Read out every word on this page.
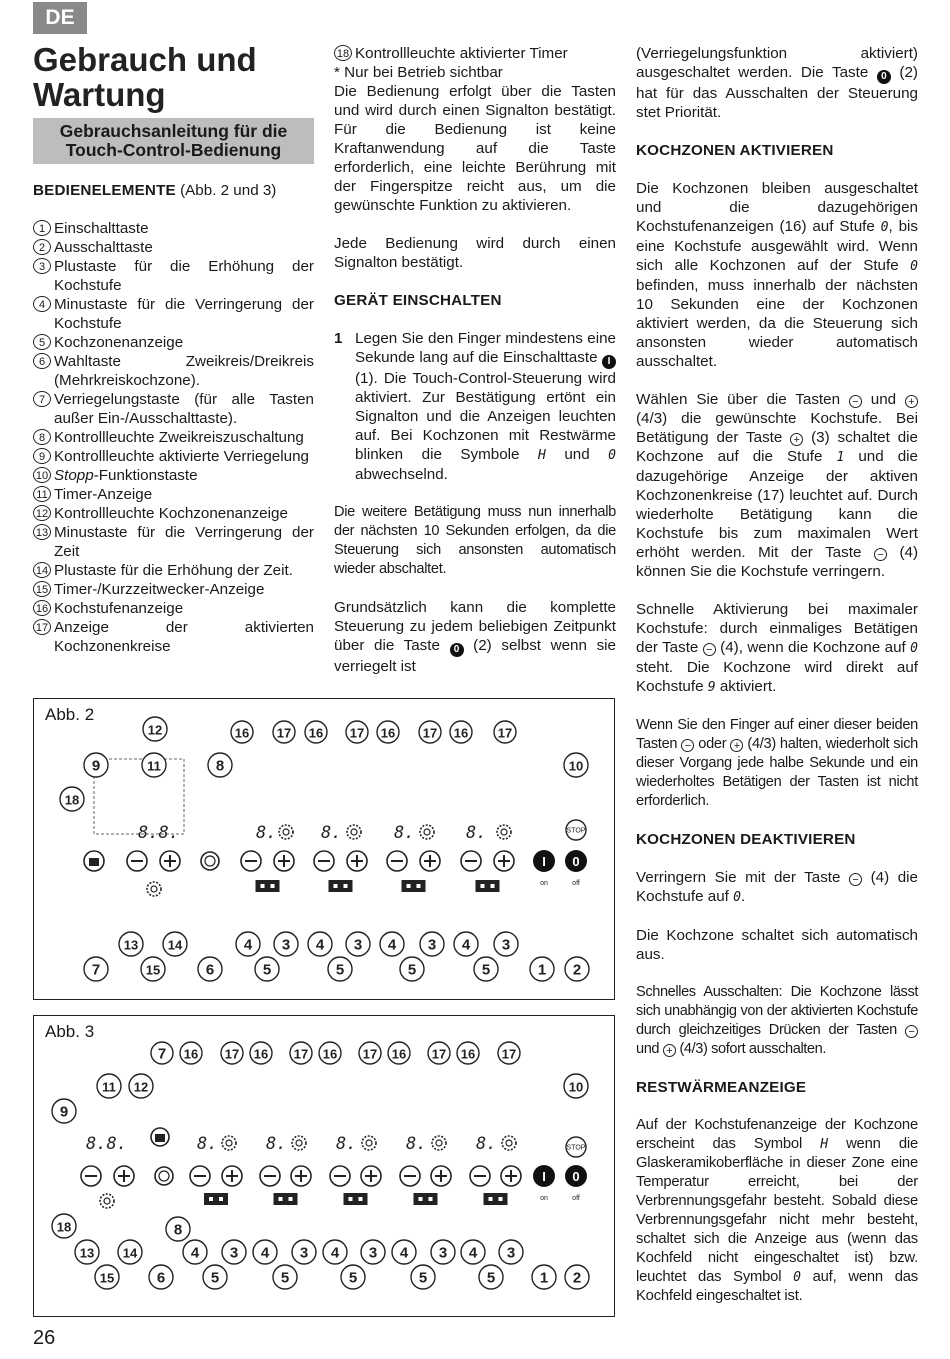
DE
Gebrauch und Wartung
Gebrauchsanleitung für die Touch-Control-Bedienung
BEDIENELEMENTE (Abb. 2 und 3)
1 Einschalttaste
2 Ausschalttaste
3 Plustaste für die Erhöhung der Kochstufe
4 Minustaste für die Verringerung der Kochstufe
5 Kochzonenanzeige
6 Wahltaste Zweikreis/Dreikreis (Mehrkreiskochzone).
7 Verriegelungstaste (für alle Tasten außer Ein-/Ausschalttaste).
8 Kontrollleuchte Zweikreiszuschaltung
9 Kontrollleuchte aktivierte Verriegelung
10 Stopp-Funktionstaste
11 Timer-Anzeige
12 Kontrollleuchte Kochzonenanzeige
13 Minustaste für die Verringerung der Zeit
14 Plustaste für die Erhöhung der Zeit.
15 Timer-/Kurzzeitwecker-Anzeige
16 Kochstufenanzeige
17 Anzeige der aktivierten Kochzonenkreise
18 Kontrollleuchte aktivierter Timer
* Nur bei Betrieb sichtbar

Die Bedienung erfolgt über die Tasten und wird durch einen Signalton bestätigt. Für die Bedienung ist keine Kraftanwendung auf die Taste erforderlich, eine leichte Berührung mit der Fingerspitze reicht aus, um die gewünschte Funktion zu aktivieren.

Jede Bedienung wird durch einen Signalton bestätigt.

GERÄT EINSCHALTEN

1 Legen Sie den Finger mindestens eine Sekunde lang auf die Einschalttaste I (1). Die Touch-Control-Steuerung wird aktiviert. Zur Bestätigung ertönt ein Signalton und die Anzeigen leuchten auf. Bei Kochzonen mit Restwärme blinken die Symbole H und 0 abwechselnd.

Die weitere Betätigung muss nun innerhalb der nächsten 10 Sekunden erfolgen, da die Steuerung sich ansonsten automatisch wieder abschaltet.

Grundsätzlich kann die komplette Steuerung zu jedem beliebigen Zeitpunkt über die Taste 0 (2) selbst wenn sie verriegelt ist

(Verriegelungsfunktion aktiviert) ausgeschaltet werden. Die Taste 0 (2) hat für das Ausschalten der Steuerung stet Priorität.

KOCHZONEN AKTIVIEREN

Die Kochzonen bleiben ausgeschaltet und die dazugehörigen Kochstufenanzeigen (16) auf Stufe 0, bis eine Kochstufe ausgewählt wird. Wenn sich alle Kochzonen auf der Stufe 0 befinden, muss innerhalb der nächsten 10 Sekunden eine der Kochzonen aktiviert werden, da die Steuerung sich ansonsten wieder automatisch ausschaltet.

Wählen Sie über die Tasten − und + (4/3) die gewünschte Kochstufe. Bei Betätigung der Taste + (3) schaltet die Kochzone auf die Stufe 1 und die dazugehörige Anzeige der aktiven Kochzonenkreise (17) leuchtet auf. Durch wiederholte Betätigung kann die Kochstufe bis zum maximalen Wert erhöht werden. Mit der Taste − (4) können Sie die Kochstufe verringern.

Schnelle Aktivierung bei maximaler Kochstufe: durch einmaliges Betätigen der Taste − (4), wenn die Kochzone auf 0 steht. Die Kochzone wird direkt auf Kochstufe 9 aktiviert.

Wenn Sie den Finger auf einer dieser beiden Tasten − oder + (4/3) halten, wiederholt sich dieser Vorgang jede halbe Sekunde und ein wiederholtes Betätigen der Tasten ist nicht erforderlich.

KOCHZONEN DEAKTIVIEREN

Verringern Sie mit der Taste − (4) die Kochstufe auf 0.

Die Kochzone schaltet sich automatisch aus.

Schnelles Ausschalten: Die Kochzone lässt sich unabhängig von der aktivierten Kochstufe durch gleichzeitiges Drücken der Tasten − und + (4/3) sofort ausschalten.

RESTWÄRMEANZEIGE

Auf der Kochstufenanzeige der Kochzone erscheint das Symbol H wenn die Glaskeramikoberfläche in dieser Zone eine Temperatur erreicht, bei der Verbrennungsgefahr besteht. Sobald diese Verbrennungsgefahr nicht mehr besteht, schaltet sich die Anzeige aus (wenn das Kochfeld nicht eingeschaltet ist) bzw. leuchtet das Symbol 0 auf, wenn das Kochfeld eingeschaltet ist.

Abb. 2
16 17 16 17 16 17 16 17
8.	8.	8.	8.
8.8.
12
11
9
18
8	10
STOP
I 0
on	off
13 14	4 3 4 3 4 3 4 3
7	15	6	5	5	5	5	1 2
Abb. 3
7 16 17 16 17 16 17 16 17 16 17
8.	8.	8.	8.	8.
8.8.
11 12
9
18	8
10
STOP
I 0
on	off
13 14	4 3 4 3 4 3 4 3 4 3
15	6	5	5	5	5	5	1 2
26
